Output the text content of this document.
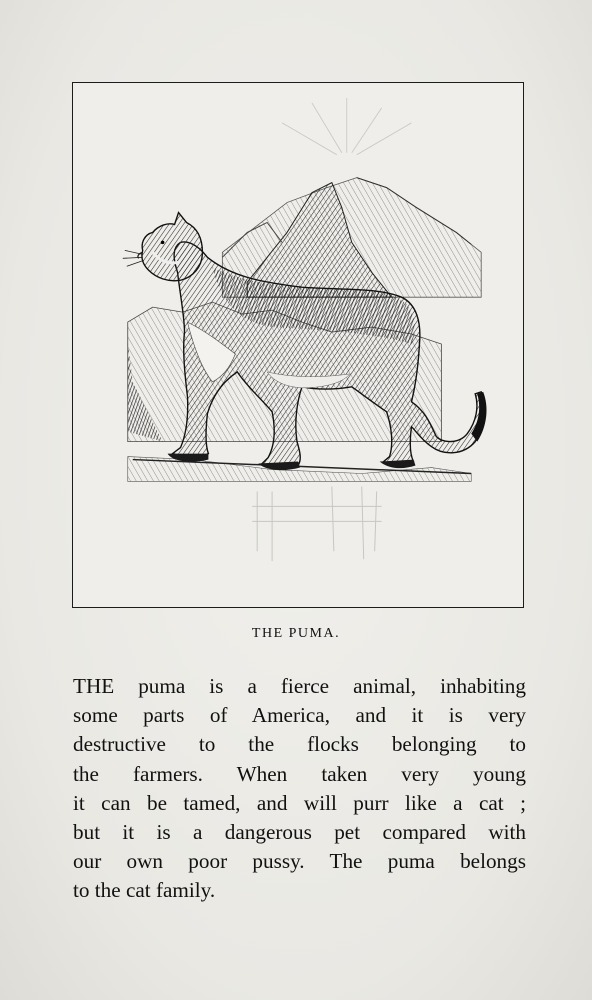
THE PUMA.
THE puma is a fierce animal, inhabiting
some parts of America, and it is very
destructive to the flocks belonging to
the farmers. When taken very young
it can be tamed, and will purr like a cat ;
but it is a dangerous pet compared with
our own poor pussy. The puma belongs
to the cat family.
